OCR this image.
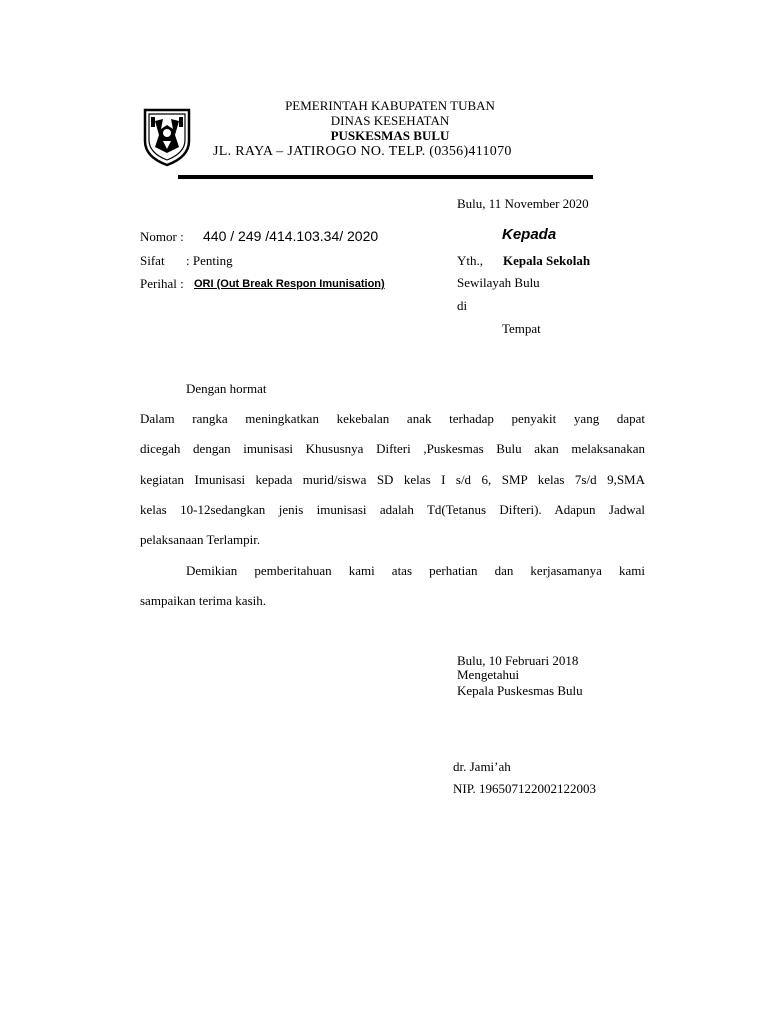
PEMERINTAH KABUPATEN TUBAN
DINAS KESEHATAN
PUSKESMAS BULU
JL. RAYA – JATIROGO NO. TELP. (0356)411070
Bulu, 11 November 2020
Nomor : 440 / 249 /414.103.34/ 2020
Sifat : Penting
Perihal : ORI (Out Break Respon Imunisation)
Kepada
Yth., Kepala Sekolah
Sewilayah Bulu
di
Tempat
Dengan hormat
Dalam rangka meningkatkan kekebalan anak terhadap penyakit yang dapat
dicegah dengan imunisasi Khususnya Difteri ,Puskesmas Bulu akan melaksanakan
kegiatan Imunisasi kepada murid/siswa SD kelas I s/d 6, SMP kelas 7s/d 9,SMA
kelas 10-12sedangkan jenis imunisasi adalah Td(Tetanus Difteri). Adapun Jadwal
pelaksanaan Terlampir.
Demikian pemberitahuan kami atas perhatian dan kerjasamanya kami
sampaikan terima kasih.
Bulu, 10 Februari 2018
Mengetahui
Kepala Puskesmas Bulu
dr. Jami’ah
NIP. 196507122002122003
